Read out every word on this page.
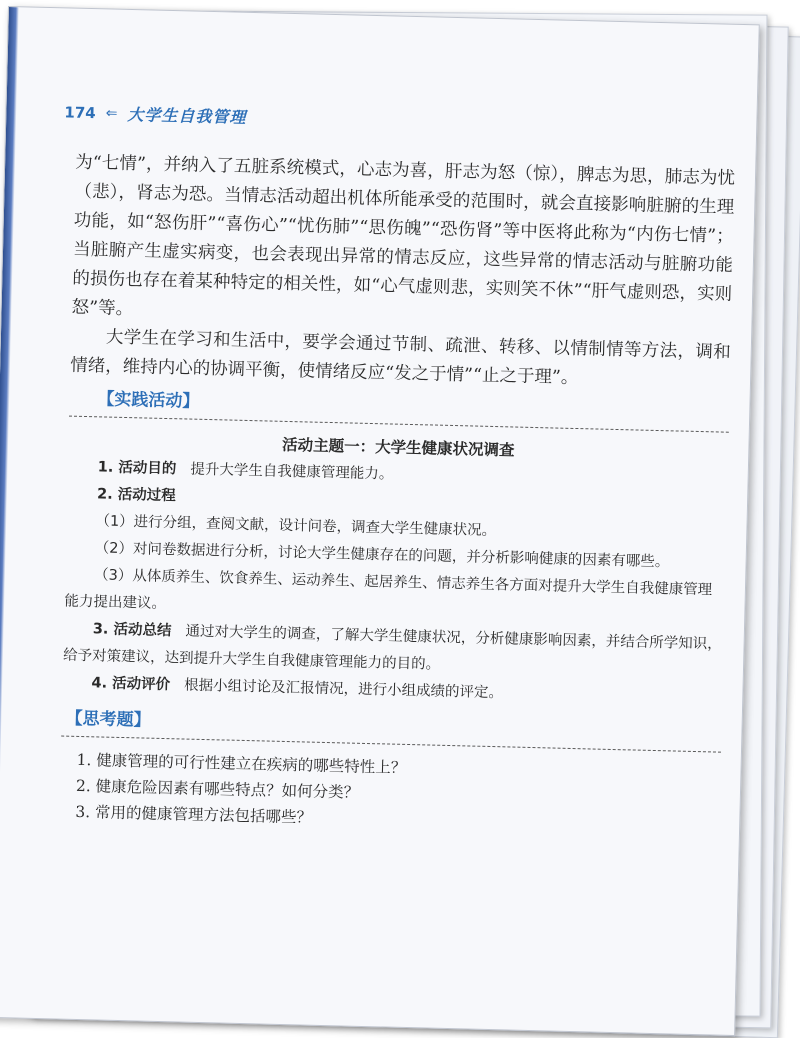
174 ⇐ 大学生自我管理

为“七情”，并纳入了五脏系统模式，心志为喜，肝志为怒（惊），脾志为思，肺志为忧（悲），肾志为恐。当情志活动超出机体所能承受的范围时，就会直接影响脏腑的生理功能，如“怒伤肝”“喜伤心”“忧伤肺”“思伤魄”“恐伤肾”等中医将此称为“内伤七情”；当脏腑产生虚实病变，也会表现出异常的情志反应，这些异常的情志活动与脏腑功能的损伤也存在着某种特定的相关性，如“心气虚则悲，实则笑不休”“肝气虚则恐，实则怒”等。

大学生在学习和生活中，要学会通过节制、疏泄、转移、以情制情等方法，调和情绪，维持内心的协调平衡，使情绪反应“发之于情”“止之于理”。

【实践活动】

活动主题一：大学生健康状况调查

1. 活动目的 提升大学生自我健康管理能力。

2. 活动过程

（1）进行分组，查阅文献，设计问卷，调查大学生健康状况。

（2）对问卷数据进行分析，讨论大学生健康存在的问题，并分析影响健康的因素有哪些。

（3）从体质养生、饮食养生、运动养生、起居养生、情志养生各方面对提升大学生自我健康管理能力提出建议。

3. 活动总结 通过对大学生的调查，了解大学生健康状况，分析健康影响因素，并结合所学知识，给予对策建议，达到提升大学生自我健康管理能力的目的。

4. 活动评价 根据小组讨论及汇报情况，进行小组成绩的评定。

【思考题】

1. 健康管理的可行性建立在疾病的哪些特性上？

2. 健康危险因素有哪些特点？如何分类？

3. 常用的健康管理方法包括哪些？
